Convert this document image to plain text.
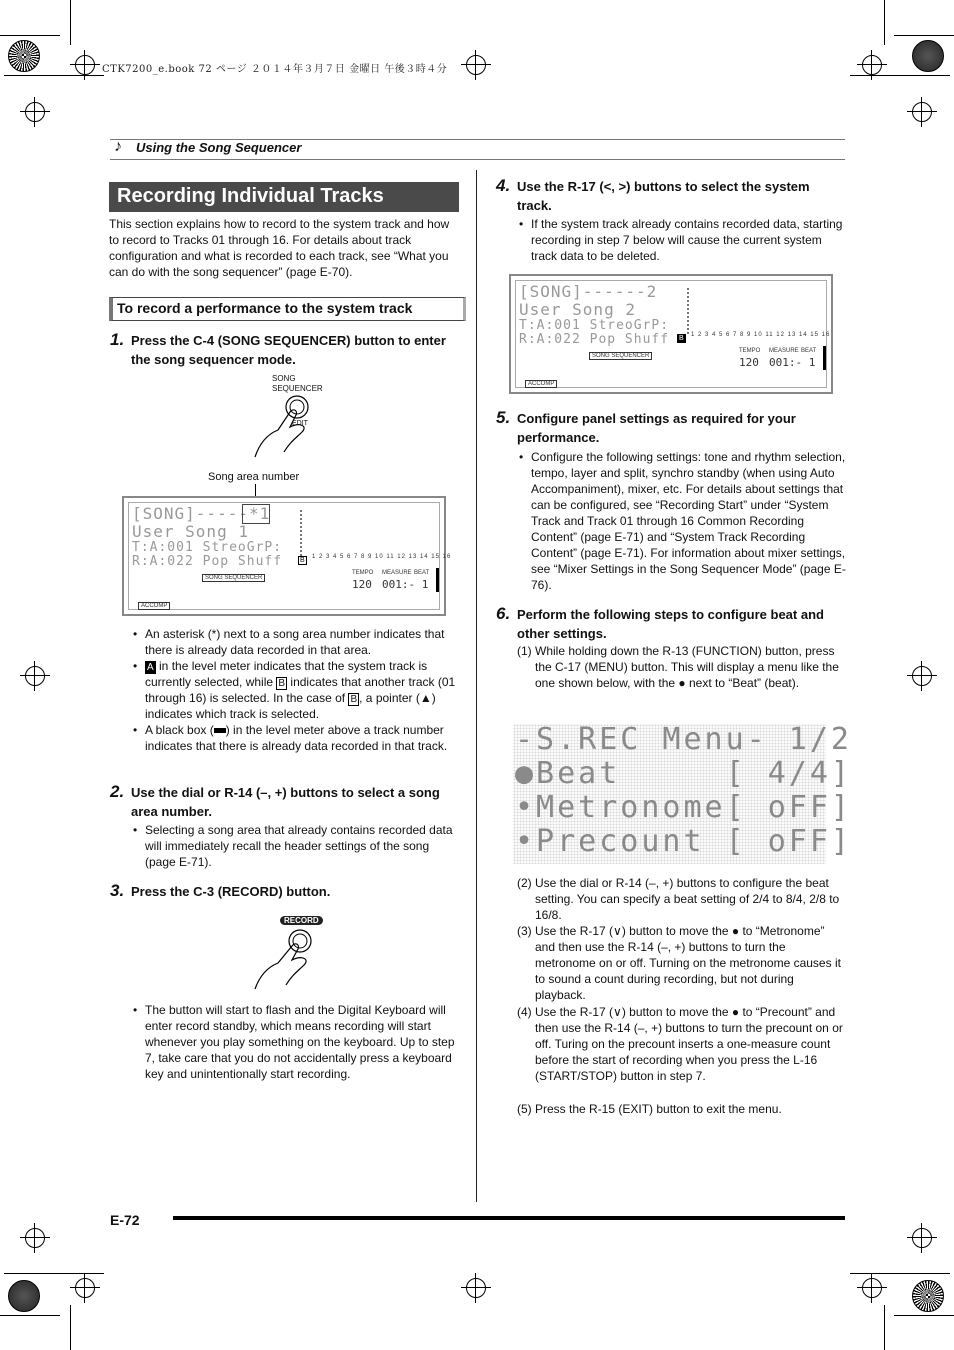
CTK7200_e.book 72 ページ ２０１４年３月７日 金曜日 午後３時４分
♪ Using the Song Sequencer
Recording Individual Tracks
This section explains how to record to the system track and how to record to Tracks 01 through 16. For details about track configuration and what is recorded to each track, see “What you can do with the song sequencer” (page E-70).
To record a performance to the system track
1. Press the C-4 (SONG SEQUENCER) button to enter the song sequencer mode.
SONG
SEQUENCER
EDIT
Song area number
[SONG]-----*1
User Song 1
T:A:001 StreoGrP:
R:A:022 Pop Shuff	B	1 2 3 4 5 6 7 8 9 10 11 12 13 14 15 16
TEMPO MEASURE BEAT
120 001:- 1
SONG SEQUENCER
ACCOMP
• An asterisk (*) next to a song area number indicates that there is already data recorded in that area.
• A in the level meter indicates that the system track is currently selected, while B indicates that another track (01 through 16) is selected. In the case of B , a pointer (▲) indicates which track is selected.
• A black box ( ) in the level meter above a track number indicates that there is already data recorded in that track.
2. Use the dial or R-14 (–, +) buttons to select a song area number.
• Selecting a song area that already contains recorded data will immediately recall the header settings of the song (page E-71).
3. Press the C-3 (RECORD) button.
RECORD
• The button will start to flash and the Digital Keyboard will enter record standby, which means recording will start whenever you play something on the keyboard. Up to step 7, take care that you do not accidentally press a keyboard key and unintentionally start recording.
4. Use the R-17 (<, >) buttons to select the system track.
• If the system track already contains recorded data, starting recording in step 7 below will cause the current system track data to be deleted.
[SONG]------2
User Song 2
T:A:001 StreoGrP:
R:A:022 Pop Shuff B	1 2 3 4 5 6 7 8 9 10 11 12 13 14 15 16
TEMPO MEASURE BEAT
120 001:- 1
SONG SEQUENCER
ACCOMP
5. Configure panel settings as required for your performance.
• Configure the following settings: tone and rhythm selection, tempo, layer and split, synchro standby (when using Auto Accompaniment), mixer, etc. For details about settings that can be configured, see “Recording Start” under “System Track and Track 01 through 16 Common Recording Content” (page E-71) and “System Track Recording Content” (page E-71). For information about mixer settings, see “Mixer Settings in the Song Sequencer Mode” (page E-76).
6. Perform the following steps to configure beat and other settings.
(1) While holding down the R-13 (FUNCTION) button, press the C-17 (MENU) button. This will display a menu like the one shown below, with the ● next to “Beat” (beat).
-S.REC Menu- 1/2
●Beat     [ 4/4]
•Metronome[ oFF]
•Precount [ oFF]
(2) Use the dial or R-14 (–, +) buttons to configure the beat setting. You can specify a beat setting of 2/4 to 8/4, 2/8 to 16/8.
(3) Use the R-17 (∨) button to move the ● to “Metronome” and then use the R-14 (–, +) buttons to turn the metronome on or off. Turning on the metronome causes it to sound a count during recording, but not during playback.
(4) Use the R-17 (∨) button to move the ● to “Precount” and then use the R-14 (–, +) buttons to turn the precount on or off. Turing on the precount inserts a one-measure count before the start of recording when you press the L-16 (START/STOP) button in step 7.
(5) Press the R-15 (EXIT) button to exit the menu.
E-72
